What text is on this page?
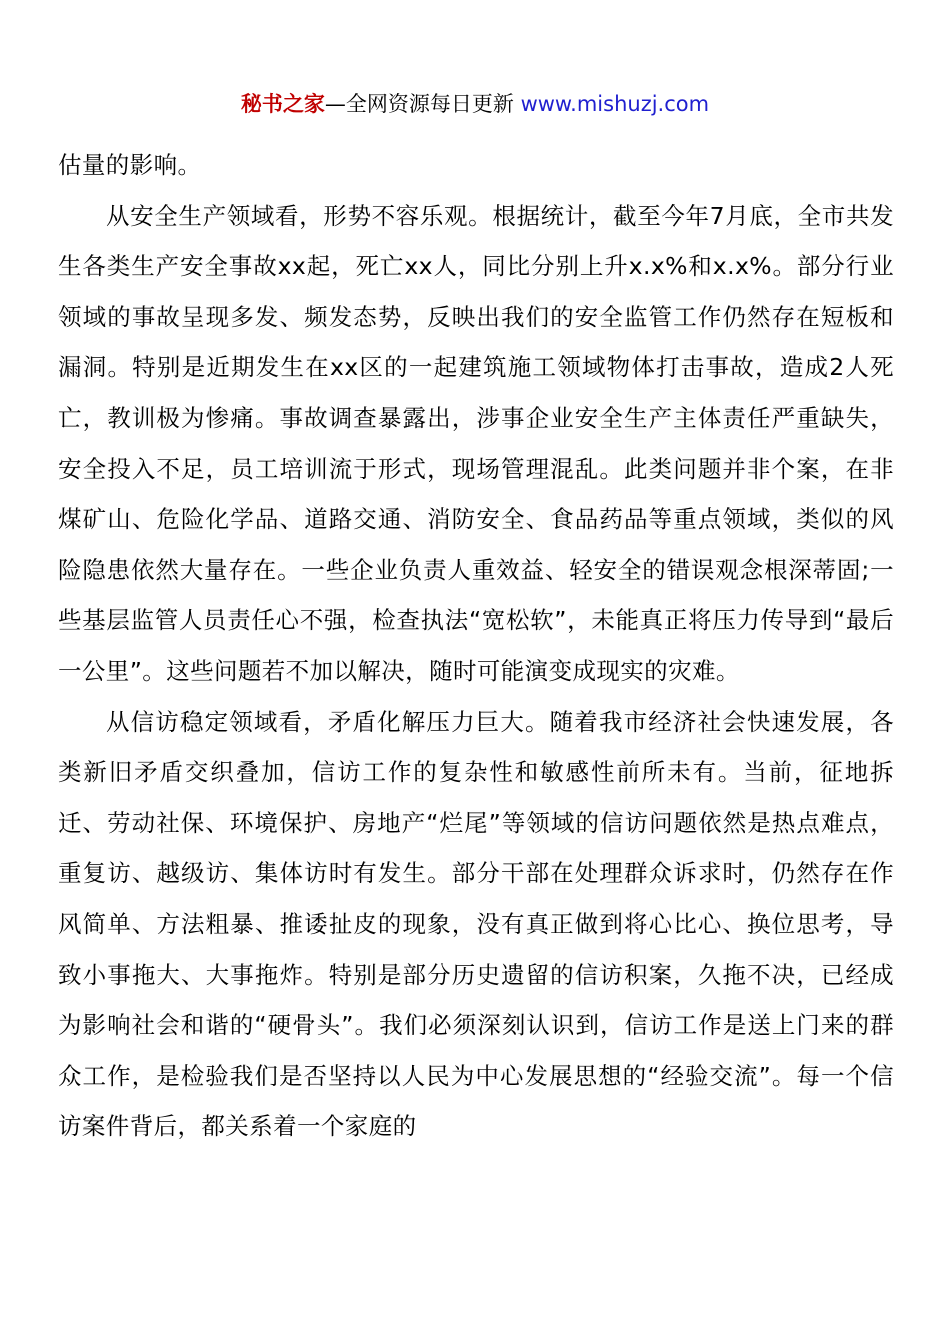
秘书之家—全网资源每日更新 www.mishuzj.com

估量的影响。

从安全生产领域看，形势不容乐观。根据统计，截至今年7月底，全市共发生各类生产安全事故xx起，死亡xx人，同比分别上升x.x%和x.x%。部分行业领域的事故呈现多发、频发态势，反映出我们的安全监管工作仍然存在短板和漏洞。特别是近期发生在xx区的一起建筑施工领域物体打击事故，造成2人死亡，教训极为惨痛。事故调查暴露出，涉事企业安全生产主体责任严重缺失，安全投入不足，员工培训流于形式，现场管理混乱。此类问题并非个案，在非煤矿山、危险化学品、道路交通、消防安全、食品药品等重点领域，类似的风险隐患依然大量存在。一些企业负责人重效益、轻安全的错误观念根深蒂固;一些基层监管人员责任心不强，检查执法“宽松软”，未能真正将压力传导到“最后一公里”。这些问题若不加以解决，随时可能演变成现实的灾难。

从信访稳定领域看，矛盾化解压力巨大。随着我市经济社会快速发展，各类新旧矛盾交织叠加，信访工作的复杂性和敏感性前所未有。当前，征地拆迁、劳动社保、环境保护、房地产“烂尾”等领域的信访问题依然是热点难点，重复访、越级访、集体访时有发生。部分干部在处理群众诉求时，仍然存在作风简单、方法粗暴、推诿扯皮的现象，没有真正做到将心比心、换位思考，导致小事拖大、大事拖炸。特别是部分历史遗留的信访积案，久拖不决，已经成为影响社会和谐的“硬骨头”。我们必须深刻认识到，信访工作是送上门来的群众工作，是检验我们是否坚持以人民为中心发展思想的“经验交流”。每一个信访案件背后，都关系着一个家庭的
